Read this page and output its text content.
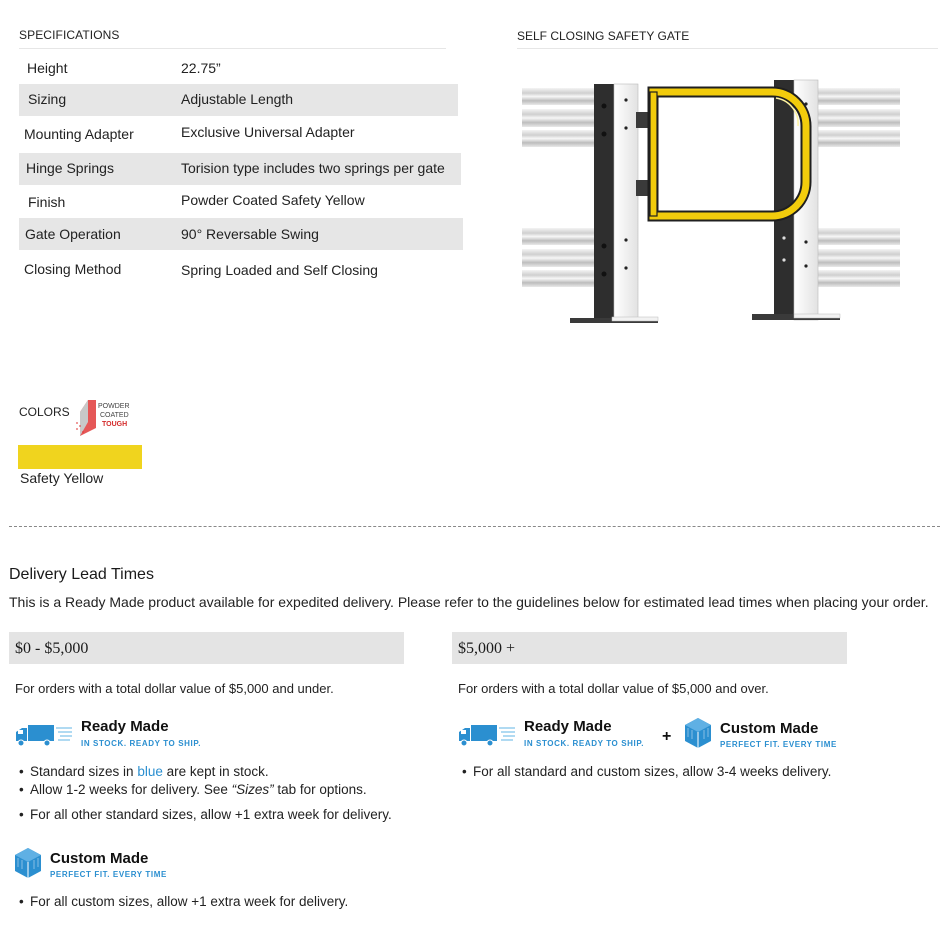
SPECIFICATIONS
Height	22.75”
Sizing	Adjustable Length
Mounting Adapter	Exclusive Universal Adapter
Hinge Springs	Torision type includes two springs per gate
Finish	Powder Coated Safety Yellow
Gate Operation	90° Reversable Swing
Closing Method	Spring Loaded and Self Closing
SELF CLOSING SAFETY GATE
COLORS	POWDER
COATED
TOUGH
Safety Yellow
Delivery Lead Times
This is a Ready Made product available for expedited delivery. Please refer to the guidelines below for estimated lead times when placing your order.
$0 - $5,000
For orders with a total dollar value of $5,000 and under.
Ready Made
IN STOCK. READY TO SHIP.
• Standard sizes in blue are kept in stock.
• Allow 1-2 weeks for delivery. See “Sizes” tab for options.
• For all other standard sizes, allow +1 extra week for delivery.
Custom Made
PERFECT FIT. EVERY TIME
• For all custom sizes, allow +1 extra week for delivery.
$5,000 +
For orders with a total dollar value of $5,000 and over.
Ready Made
IN STOCK. READY TO SHIP. +	Custom Made
PERFECT FIT. EVERY TIME
• For all standard and custom sizes, allow 3-4 weeks delivery.
